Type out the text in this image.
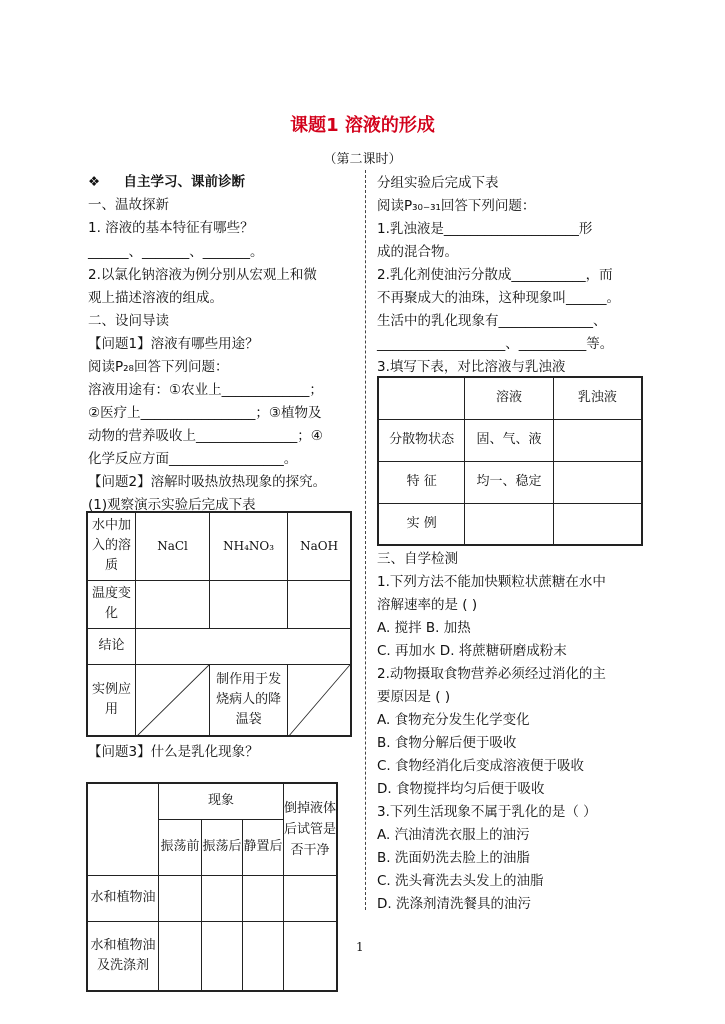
课题1 溶液的形成
（第二课时）
❖ 自主学习、课前诊断
一、温故探新
1. 溶液的基本特征有哪些？
______、_______、_______。
2.以氯化钠溶液为例分别从宏观上和微
观上描述溶液的组成。
二、设问导读
【问题1】溶液有哪些用途？
阅读P₂₈回答下列问题：
溶液用途有：①农业上_____________；
②医疗上_________________；③植物及
动物的营养吸收上_______________；④
化学反应方面_________________。
【问题2】溶解时吸热放热现象的探究。
(1)观察演示实验后完成下表
水中加入的溶质	NaCl	NH₄NO₃	NaOH
温度变化			
结论			
实例应用		制作用于发烧病人的降温袋

【问题3】什么是乳化现象？
	现象			倒掉液体后试管是否干净

	振荡前	振荡后	静置后	

水和植物油				

水和植物油及洗涤剂				

分组实验后完成下表
阅读P₃₀₋₃₁回答下列问题：
1.乳浊液是____________________形
成的混合物。
2.乳化剂使油污分散成___________，而
不再聚成大的油珠，这种现象叫______。
生活中的乳化现象有______________、
___________________、__________等。
3.填写下表，对比溶液与乳浊液
	溶液	乳浊液
分散物状态	固、气、液	
特 征	均一、稳定	
实 例		
三、自学检测
1.下列方法不能加快颗粒状蔗糖在水中
溶解速率的是 ( )
A. 搅拌 B. 加热
C. 再加水 D. 将蔗糖研磨成粉末
2.动物摄取食物营养必须经过消化的主
要原因是 ( )
A. 食物充分发生化学变化
B. 食物分解后便于吸收
C. 食物经消化后变成溶液便于吸收
D. 食物搅拌均匀后便于吸收
3.下列生活现象不属于乳化的是（ ）
A. 汽油清洗衣服上的油污
B. 洗面奶洗去脸上的油脂
C. 洗头膏洗去头发上的油脂
D. 洗涤剂清洗餐具的油污
1
